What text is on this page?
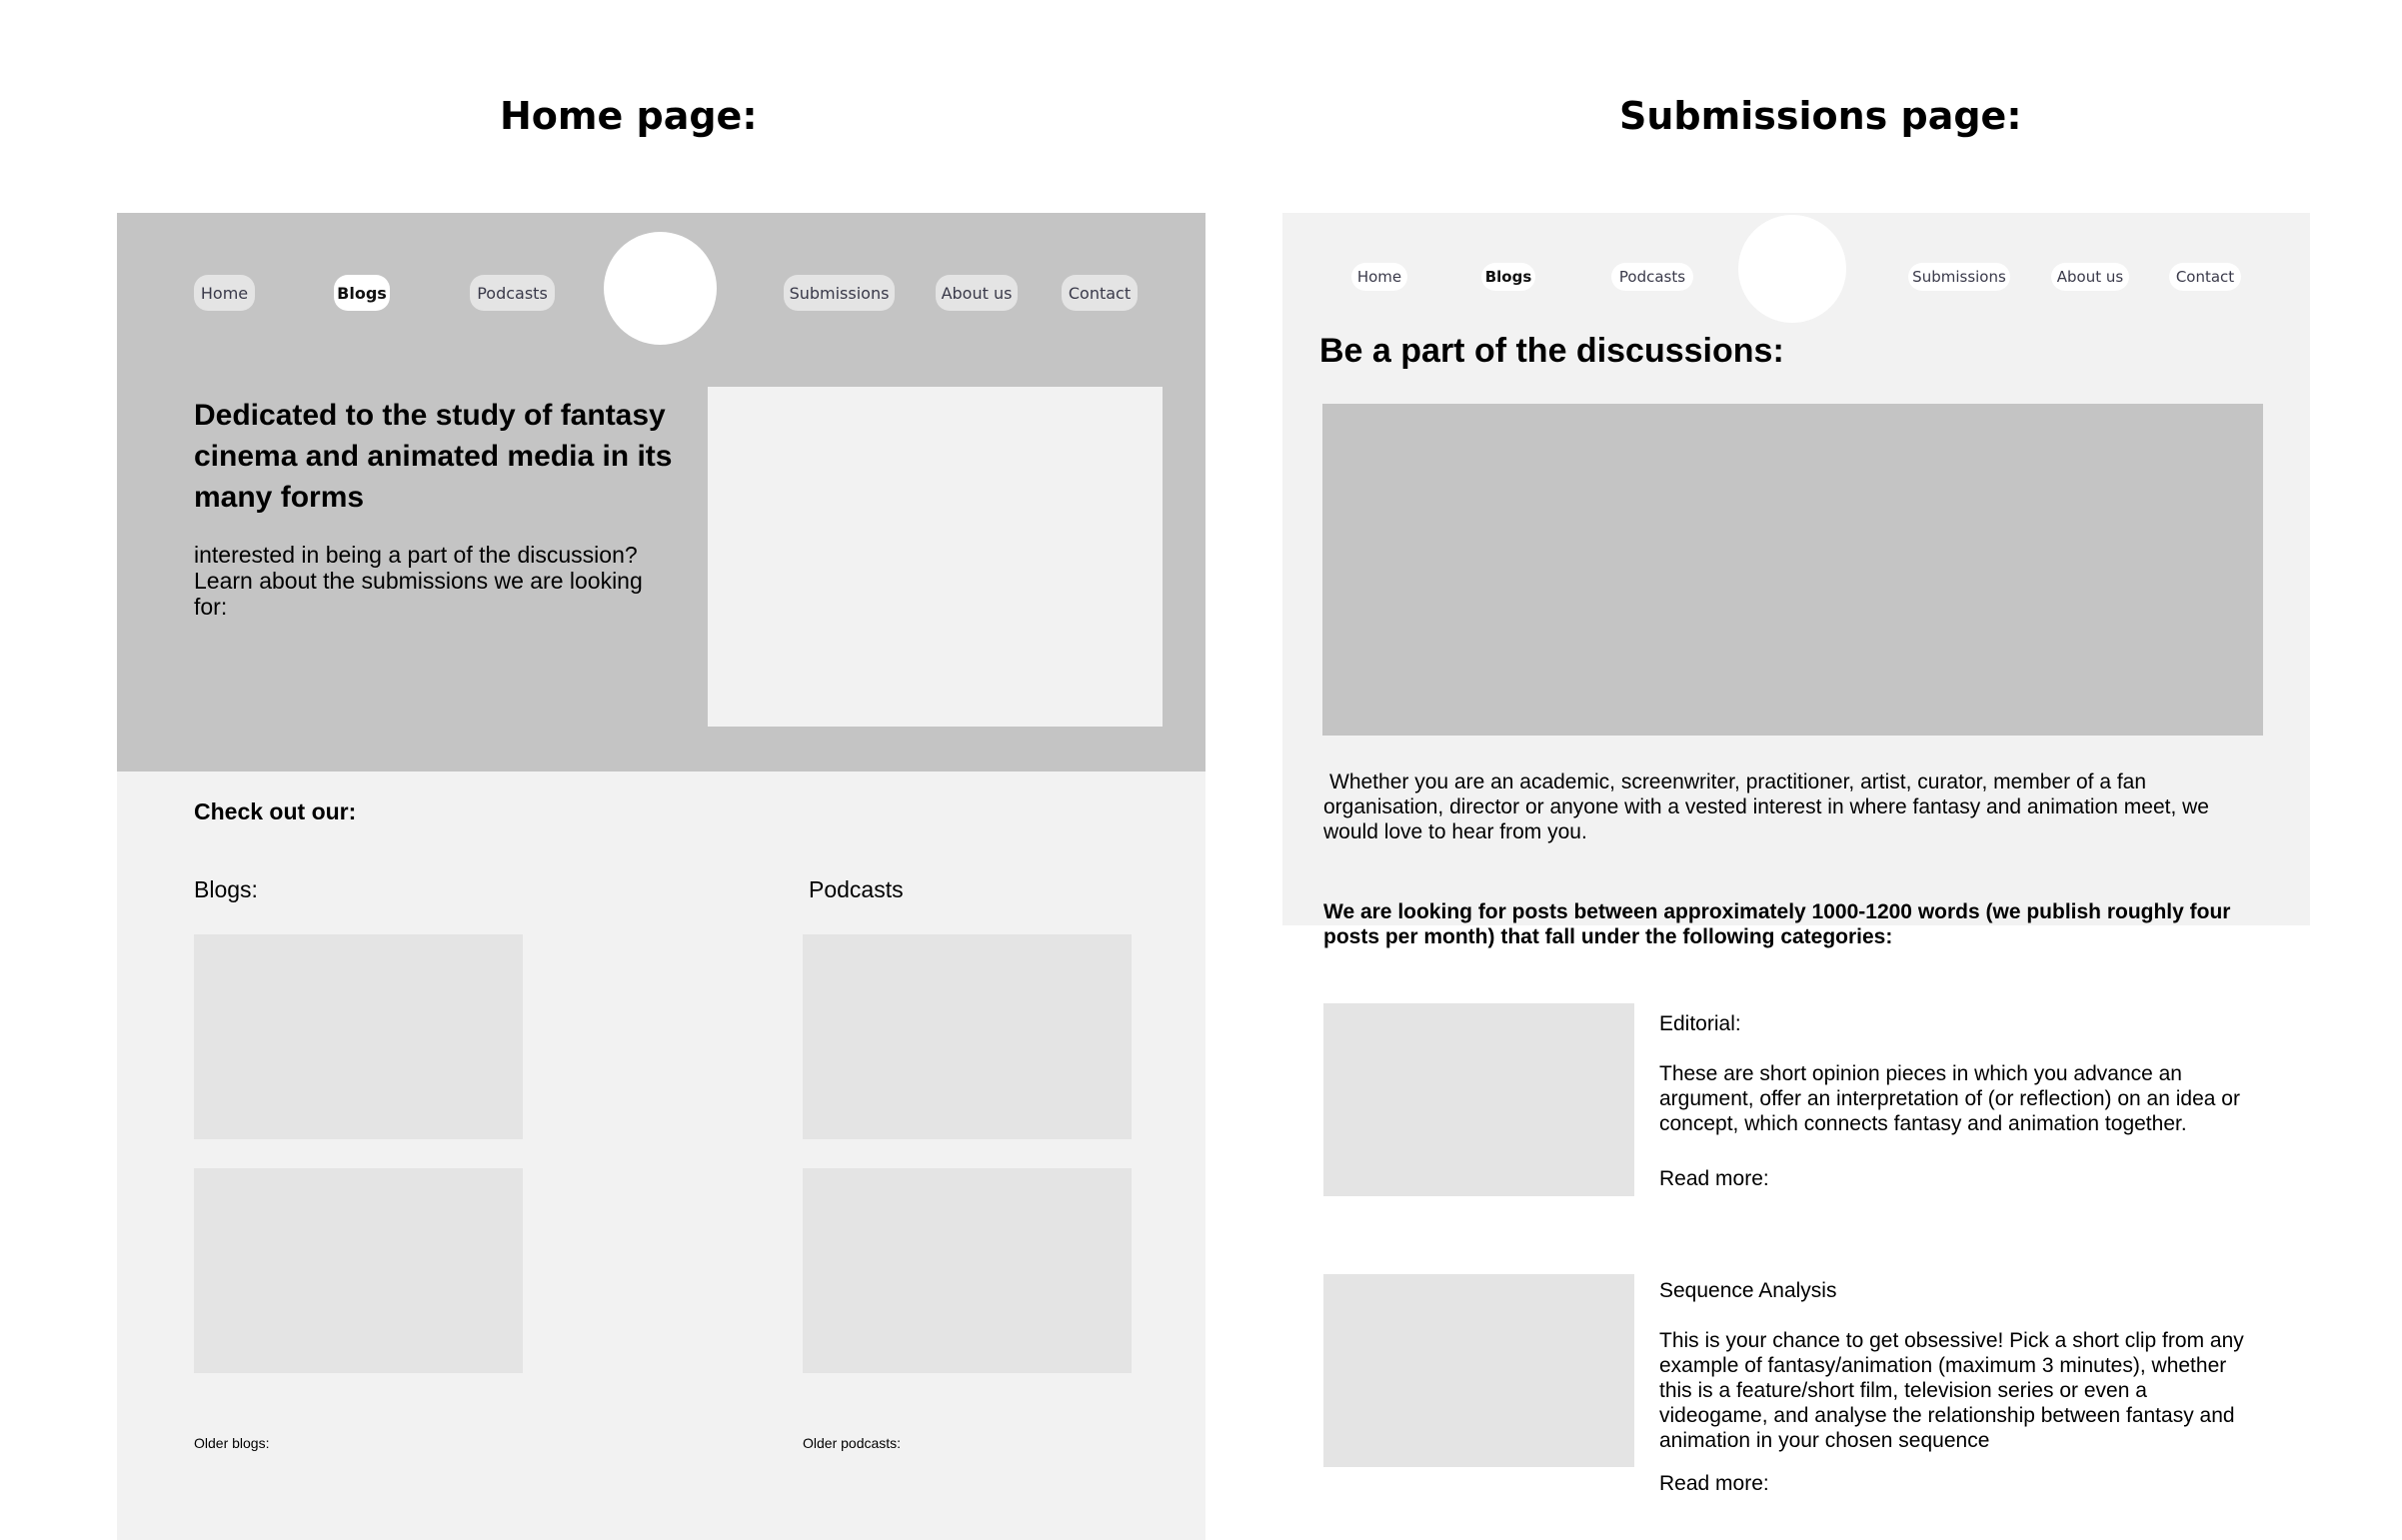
Home page:	Submissions page:
Home	Blogs	Podcasts	Submissions	About us	Contact
Dedicated to the study of fantasy cinema and animated media in its many forms
interested in being a part of the discussion? Learn about the submissions we are looking for:
Check out our:
Blogs:	Podcasts
Older blogs:	Older podcasts:
Home	Blogs	Podcasts	Submissions	About us	Contact
Be a part of the discussions:
Whether you are an academic, screenwriter, practitioner, artist, curator, member of a fan organisation, director or anyone with a vested interest in where fantasy and animation meet, we would love to hear from you.
We are looking for posts between approximately 1000-1200 words (we publish roughly four posts per month) that fall under the following categories:
Editorial:
These are short opinion pieces in which you advance an argument, offer an interpretation of (or reflection) on an idea or concept, which connects fantasy and animation together.
Read more:
Sequence Analysis
This is your chance to get obsessive! Pick a short clip from any example of fantasy/animation (maximum 3 minutes), whether this is a feature/short film, television series or even a videogame, and analyse the relationship between fantasy and animation in your chosen sequence
Read more:
